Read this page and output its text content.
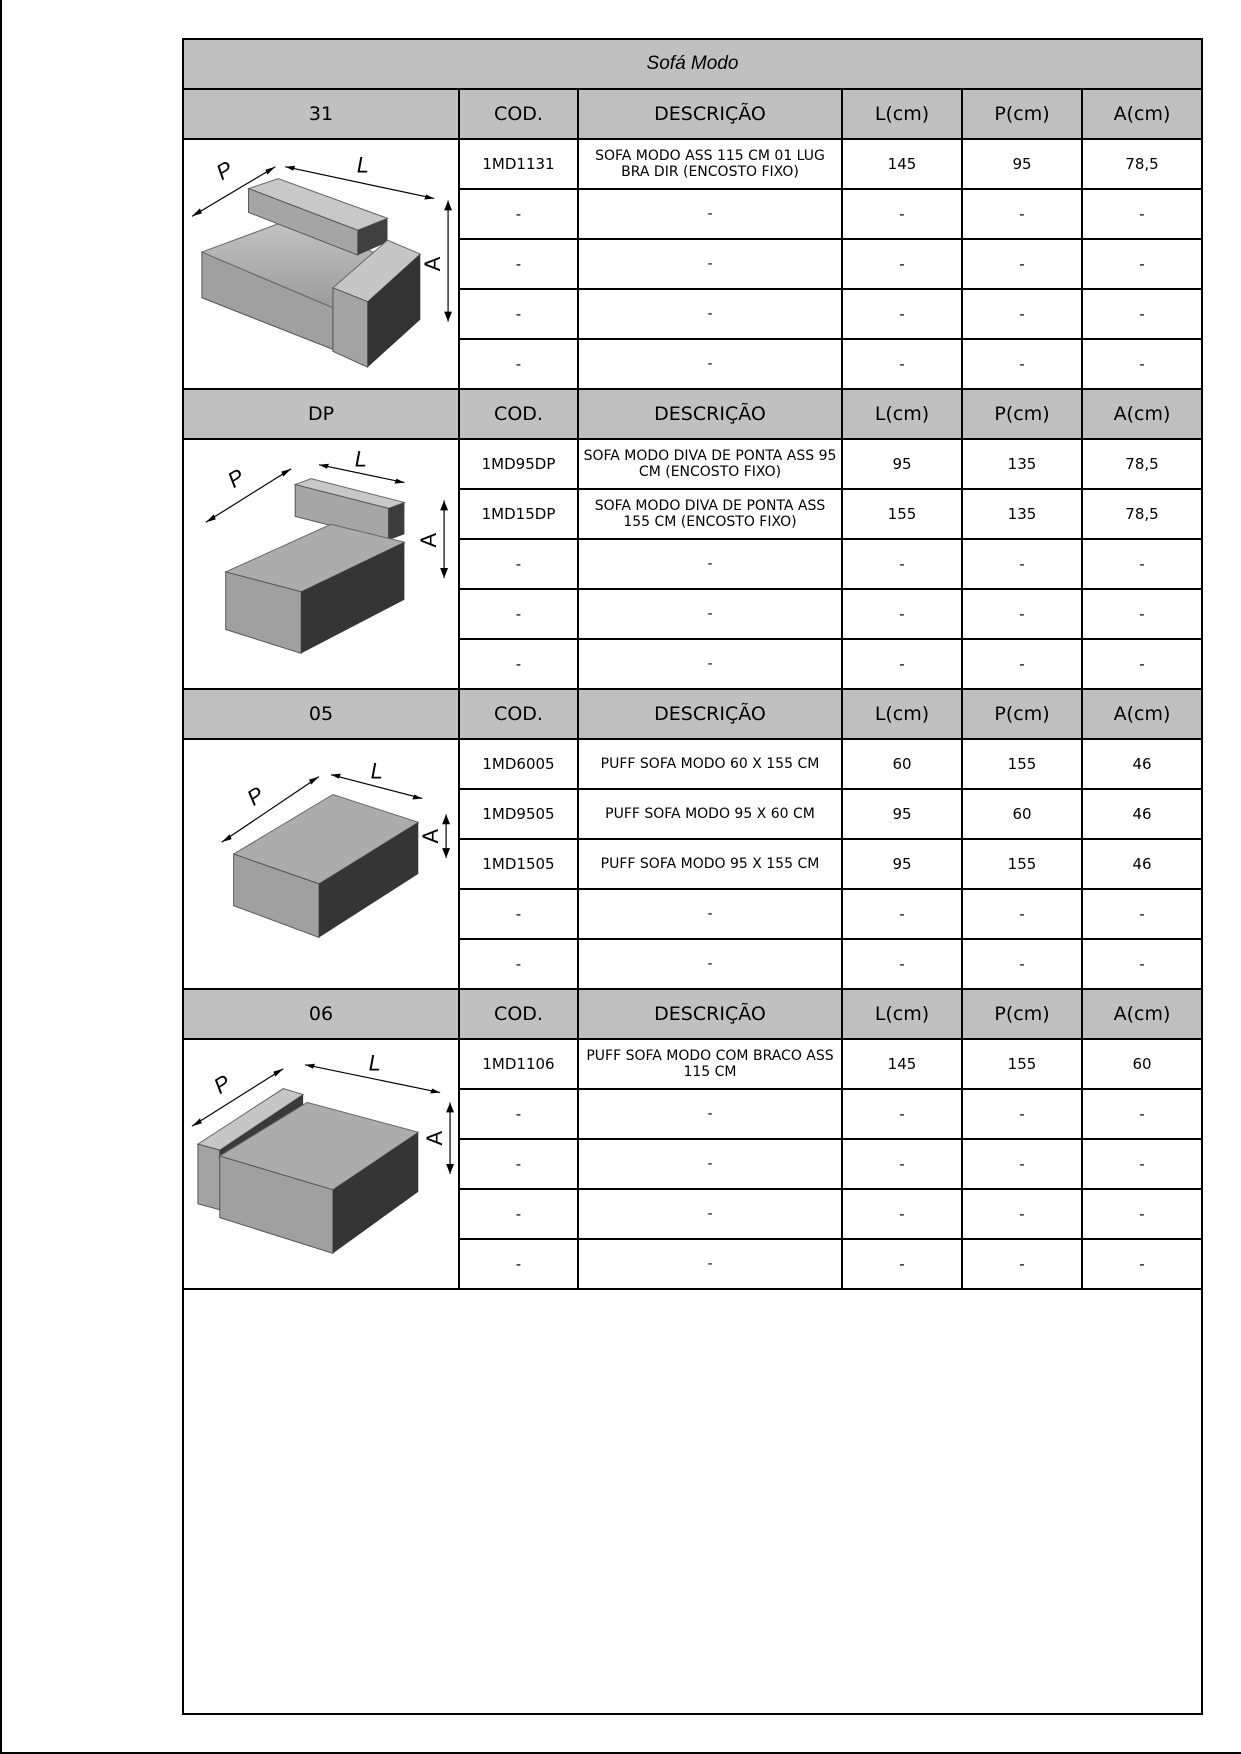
Sofá Modo
31	COD.	DESCRIÇÃO	L(cm)	P(cm)	A(cm)
P	L
A
1MD1131	SOFA MODO ASS 115 CM 01 LUG BRA DIR (ENCOSTO FIXO)	145	95	78,5
-	-	-	-	-
-	-	-	-	-
-	-	-	-	-
-	-	-	-	-
DP	COD.	DESCRIÇÃO	L(cm)	P(cm)	A(cm)
P
L
A
1MD95DP	SOFA MODO DIVA DE PONTA ASS 95 CM (ENCOSTO FIXO)	95	135	78,5
1MD15DP	SOFA MODO DIVA DE PONTA ASS 155 CM (ENCOSTO FIXO)	155	135	78,5
-	-	-	-	-
-	-	-	-	-
-	-	-	-	-
05	COD.	DESCRIÇÃO	L(cm)	P(cm)	A(cm)
P
L
A
1MD6005	PUFF SOFA MODO 60 X 155 CM	60	155	46
1MD9505	PUFF SOFA MODO 95 X 60 CM	95	60	46
1MD1505	PUFF SOFA MODO 95 X 155 CM	95	155	46
-	-	-	-	-
-	-	-	-	-
06	COD.	DESCRIÇÃO	L(cm)	P(cm)	A(cm)
P
L
A
1MD1106	PUFF SOFA MODO COM BRACO ASS 115 CM	145	155	60
-	-	-	-	-
-	-	-	-	-
-	-	-	-	-
-	-	-	-	-
